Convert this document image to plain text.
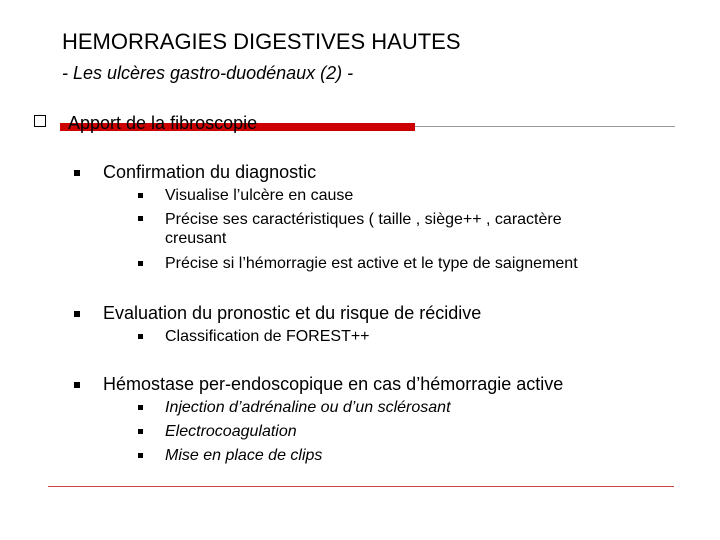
HEMORRAGIES DIGESTIVES HAUTES
- Les ulcères gastro-duodénaux (2) -
Apport de la fibroscopie
Confirmation du diagnostic
Visualise l’ulcère en cause
Précise ses caractéristiques ( taille , siège++ , caractère
creusant
Précise si l’hémorragie est active et le type de saignement
Evaluation du pronostic et du risque de récidive
Classification de FOREST++
Hémostase per-endoscopique en cas d’hémorragie active
Injection d’adrénaline ou d’un sclérosant
Electrocoagulation
Mise en place de clips
